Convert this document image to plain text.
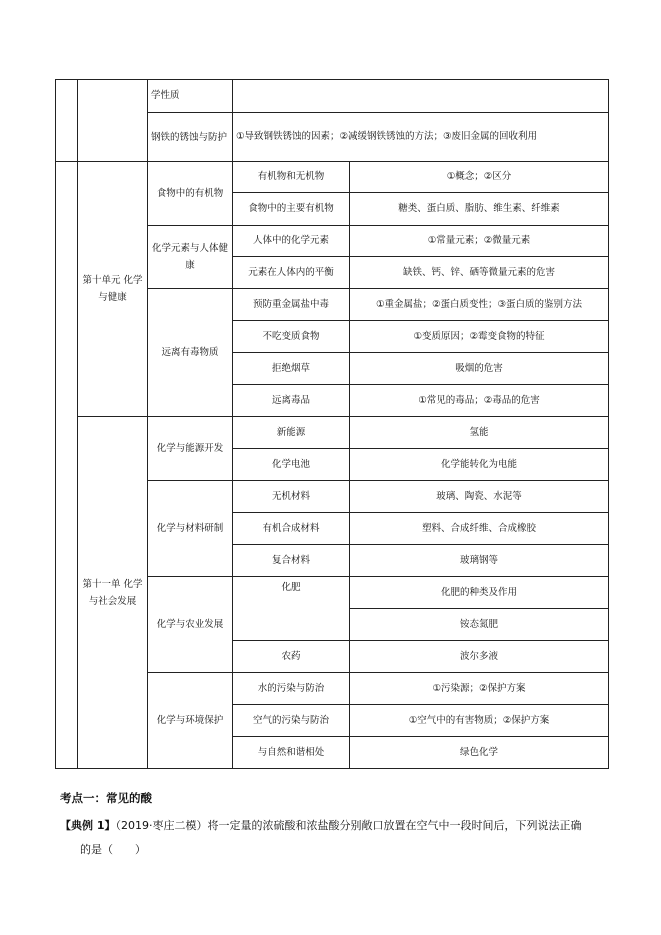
		学性质		
		钢铁的锈蚀与防护	①导致钢铁锈蚀的因素；②减缓钢铁锈蚀的方法；③废旧金属的回收利用	
	第十单元 化学与健康	食物中的有机物	有机物和无机物	①概念；②区分
			食物中的主要有机物	糖类、蛋白质、脂肪、维生素、纤维素
		化学元素与人体健康	人体中的化学元素	①常量元素；②微量元素
			元素在人体内的平衡	缺铁、钙、锌、硒等微量元素的危害
		远离有毒物质	预防重金属盐中毒	①重金属盐；②蛋白质变性；③蛋白质的鉴别方法
			不吃变质食物	①变质原因；②霉变食物的特征
			拒绝烟草	吸烟的危害
			远离毒品	①常见的毒品；②毒品的危害
	第十一单 化学与社会发展	化学与能源开发	新能源	氢能
			化学电池	化学能转化为电能
		化学与材料研制	无机材料	玻璃、陶瓷、水泥等
			有机合成材料	塑料、合成纤维、合成橡胶
			复合材料	玻璃钢等
		化学与农业发展	化肥	化肥的种类及作用
				铵态氮肥
			农药	波尔多液
		化学与环境保护	水的污染与防治	①污染源；②保护方案
			空气的污染与防治	①空气中的有害物质；②保护方案
			与自然和谐相处	绿色化学
考点一：常见的酸
【典例 1】（2019·枣庄二模）将一定量的浓硫酸和浓盐酸分别敞口放置在空气中一段时间后，下列说法正确
的是（　　）
